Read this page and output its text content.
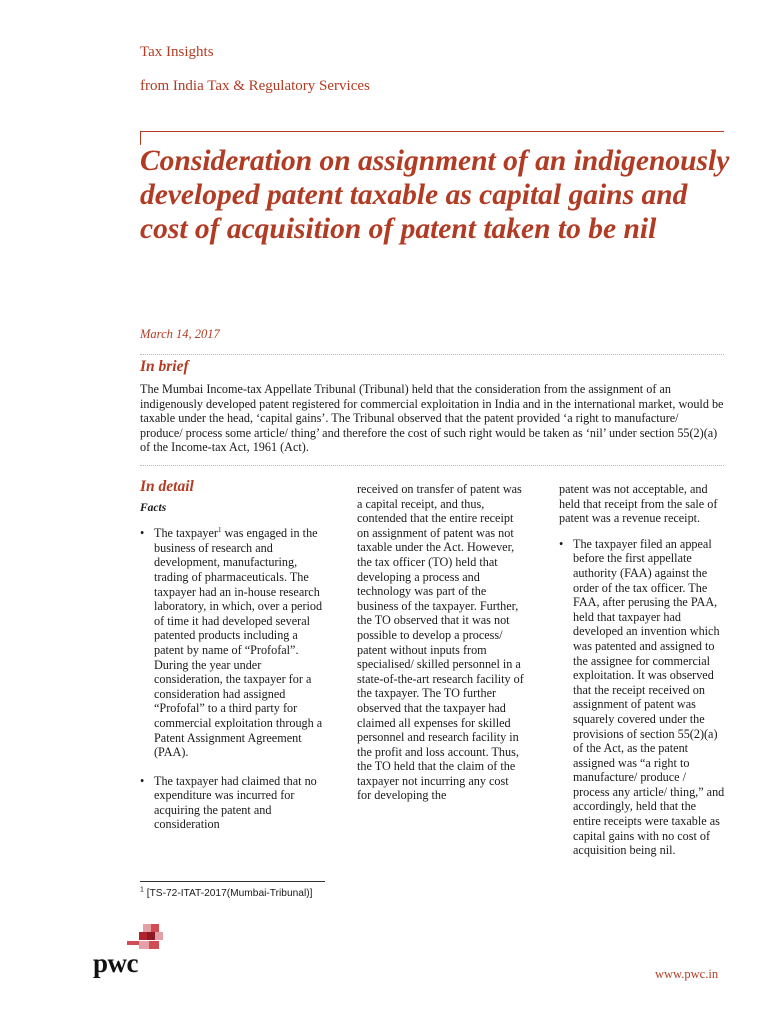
Tax Insights
from India Tax & Regulatory Services
Consideration on assignment of an indigenously developed patent taxable as capital gains and cost of acquisition of patent taken to be nil
March 14, 2017
In brief

The Mumbai Income-tax Appellate Tribunal (Tribunal) held that the consideration from the assignment of an indigenously developed patent registered for commercial exploitation in India and in the international market, would be taxable under the head, ‘capital gains’. The Tribunal observed that the patent provided ‘a right to manufacture/ produce/ process some article/ thing’ and therefore the cost of such right would be taken as ‘nil’ under section 55(2)(a) of the Income-tax Act, 1961 (Act).

In detail

Facts

• The taxpayer$^1$ was engaged in the business of research and development, manufacturing, trading of pharmaceuticals. The taxpayer had an in-house research laboratory, in which, over a period of time it had developed several patented products including a patent by name of “Profofal”. During the year under consideration, the taxpayer for a consideration had assigned “Profofal” to a third party for commercial exploitation through a Patent Assignment Agreement (PAA).
• The taxpayer had claimed that no expenditure was incurred for acquiring the patent and consideration

received on transfer of patent was a capital receipt, and thus, contended that the entire receipt on assignment of patent was not taxable under the Act. However, the tax officer (TO) held that developing a process and technology was part of the business of the taxpayer. Further, the TO observed that it was not possible to develop a process/ patent without inputs from specialised/ skilled personnel in a state-of-the-art research facility of the taxpayer. The TO further observed that the taxpayer had claimed all expenses for skilled personnel and research facility in the profit and loss account. Thus, the TO held that the claim of the taxpayer not incurring any cost for developing the

patent was not acceptable, and held that receipt from the sale of patent was a revenue receipt.

• The taxpayer filed an appeal before the first appellate authority (FAA) against the order of the tax officer. The FAA, after perusing the PAA, held that taxpayer had developed an invention which was patented and assigned to the assignee for commercial exploitation. It was observed that the receipt received on assignment of patent was squarely covered under the provisions of section 55(2)(a) of the Act, as the patent assigned was “a right to manufacture/ produce / process any article/ thing,” and accordingly, held that the entire receipts were taxable as capital gains with no cost of acquisition being nil.
$^1$ [TS-72-ITAT-2017(Mumbai-Tribunal)]
pwc	www.pwc.in
